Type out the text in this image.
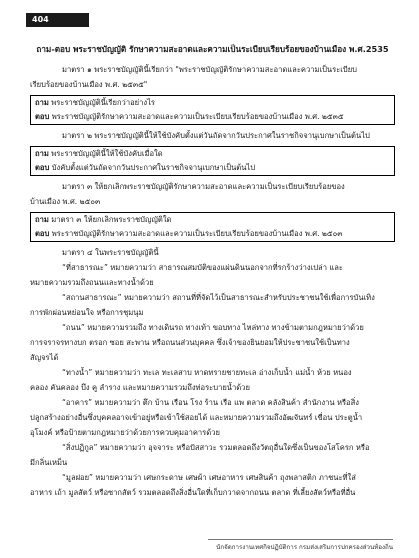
404

ถาม-ตอบ พระราชบัญญัติ รักษาความสะอาดและความเป็นระเบียบเรียบร้อยของบ้านเมือง พ.ศ.2535

มาตรา ๑ พระราชบัญญัตินี้เรียกว่า "พระราชบัญญัติรักษาความสะอาดและความเป็นระเบียบ

เรียบร้อยของบ้านเมือง พ.ศ. ๒๕๓๕"

ถาม พระราชบัญญัตินี้เรียกว่าอย่างไร

ตอบ พระราชบัญญัติรักษาความสะอาดและความเป็นระเบียบเรียบร้อยของบ้านเมือง พ.ศ. ๒๕๓๕

มาตรา ๒ พระราชบัญญัตินี้ให้ใช้บังคับตั้งแต่วันถัดจากวันประกาศในราชกิจจานุเบกษาเป็นต้นไป

ถาม พระราชบัญญัตินี้ให้ใช้บังคับเมื่อใด

ตอบ บังคับตั้งแต่วันถัดจากวันประกาศในราชกิจจานุเบกษาเป็นต้นไป

มาตรา ๓ ให้ยกเลิกพระราชบัญญัติรักษาความสะอาดและความเป็นระเบียบเรียบร้อยของ

บ้านเมือง พ.ศ. ๒๕๐๓

ถาม มาตรา ๓ ให้ยกเลิกพระราชบัญญัติใด

ตอบ พระราชบัญญัติรักษาความสะอาดและความเป็นระเบียบเรียบร้อยของบ้านเมือง พ.ศ. ๒๕๐๓

มาตรา ๔ ในพระราชบัญญัตินี้

“ที่สาธารณะ” หมายความว่า สาธารณสมบัติของแผ่นดินนอกจากที่รกร้างว่างเปล่า และ

หมายความรวมถึงถนนและทางน้ำด้วย

“สถานสาธารณะ” หมายความว่า สถานที่ที่จัดไว้เป็นสาธารณะสำหรับประชาชนใช้เพื่อการบันเทิง

การพักผ่อนหย่อนใจ หรือการชุมนุม

“ถนน” หมายความรวมถึง ทางเดินรถ ทางเท้า ขอบทาง ไหล่ทาง ทางข้ามตามกฎหมายว่าด้วย

การจราจรทางบก ตรอก ซอย สะพาน หรือถนนส่วนบุคคล ซึ่งเจ้าของยินยอมให้ประชาชนใช้เป็นทาง

สัญจรได้

“ทางน้ำ” หมายความว่า ทะเล ทะเลสาบ หาดทรายชายทะเล อ่างเก็บน้ำ แม่น้ำ ห้วย หนอง

คลอง คันคลอง บึง คู ลำราง และหมายความรวมถึงท่อระบายน้ำด้วย

“อาคาร” หมายความว่า ตึก บ้าน เรือน โรง ร้าน เรือ แพ ตลาด คลังสินค้า สำนักงาน หรือสิ่ง

ปลูกสร้างอย่างอื่นซึ่งบุคคลอาจเข้าอยู่หรือเข้าใช้สอยได้ และหมายความรวมถึงอัฒจันทร์ เขื่อน ประตูน้ำ

อุโมงค์ หรือป้ายตามกฎหมายว่าด้วยการควบคุมอาคารด้วย

“สิ่งปฏิกูล” หมายความว่า อุจจาระ หรือปัสสาวะ รวมตลอดถึงวัตถุอื่นใดซึ่งเป็นของโสโครก หรือ

มีกลิ่นเหม็น

“มูลฝอย” หมายความว่า เศษกระดาษ เศษผ้า เศษอาหาร เศษสินค้า ถุงพลาสติก ภาชนะที่ใส่

อาหาร เถ้า มูลสัตว์ หรือซากสัตว์ รวมตลอดถึงสิ่งอื่นใดที่เก็บกวาดจากถนน ตลาด ที่เลี้ยงสัตว์หรือที่อื่น

นักจัดการงานเทศกิจปฏิบัติการ กรมส่งเสริมการปกครองส่วนท้องถิ่น
